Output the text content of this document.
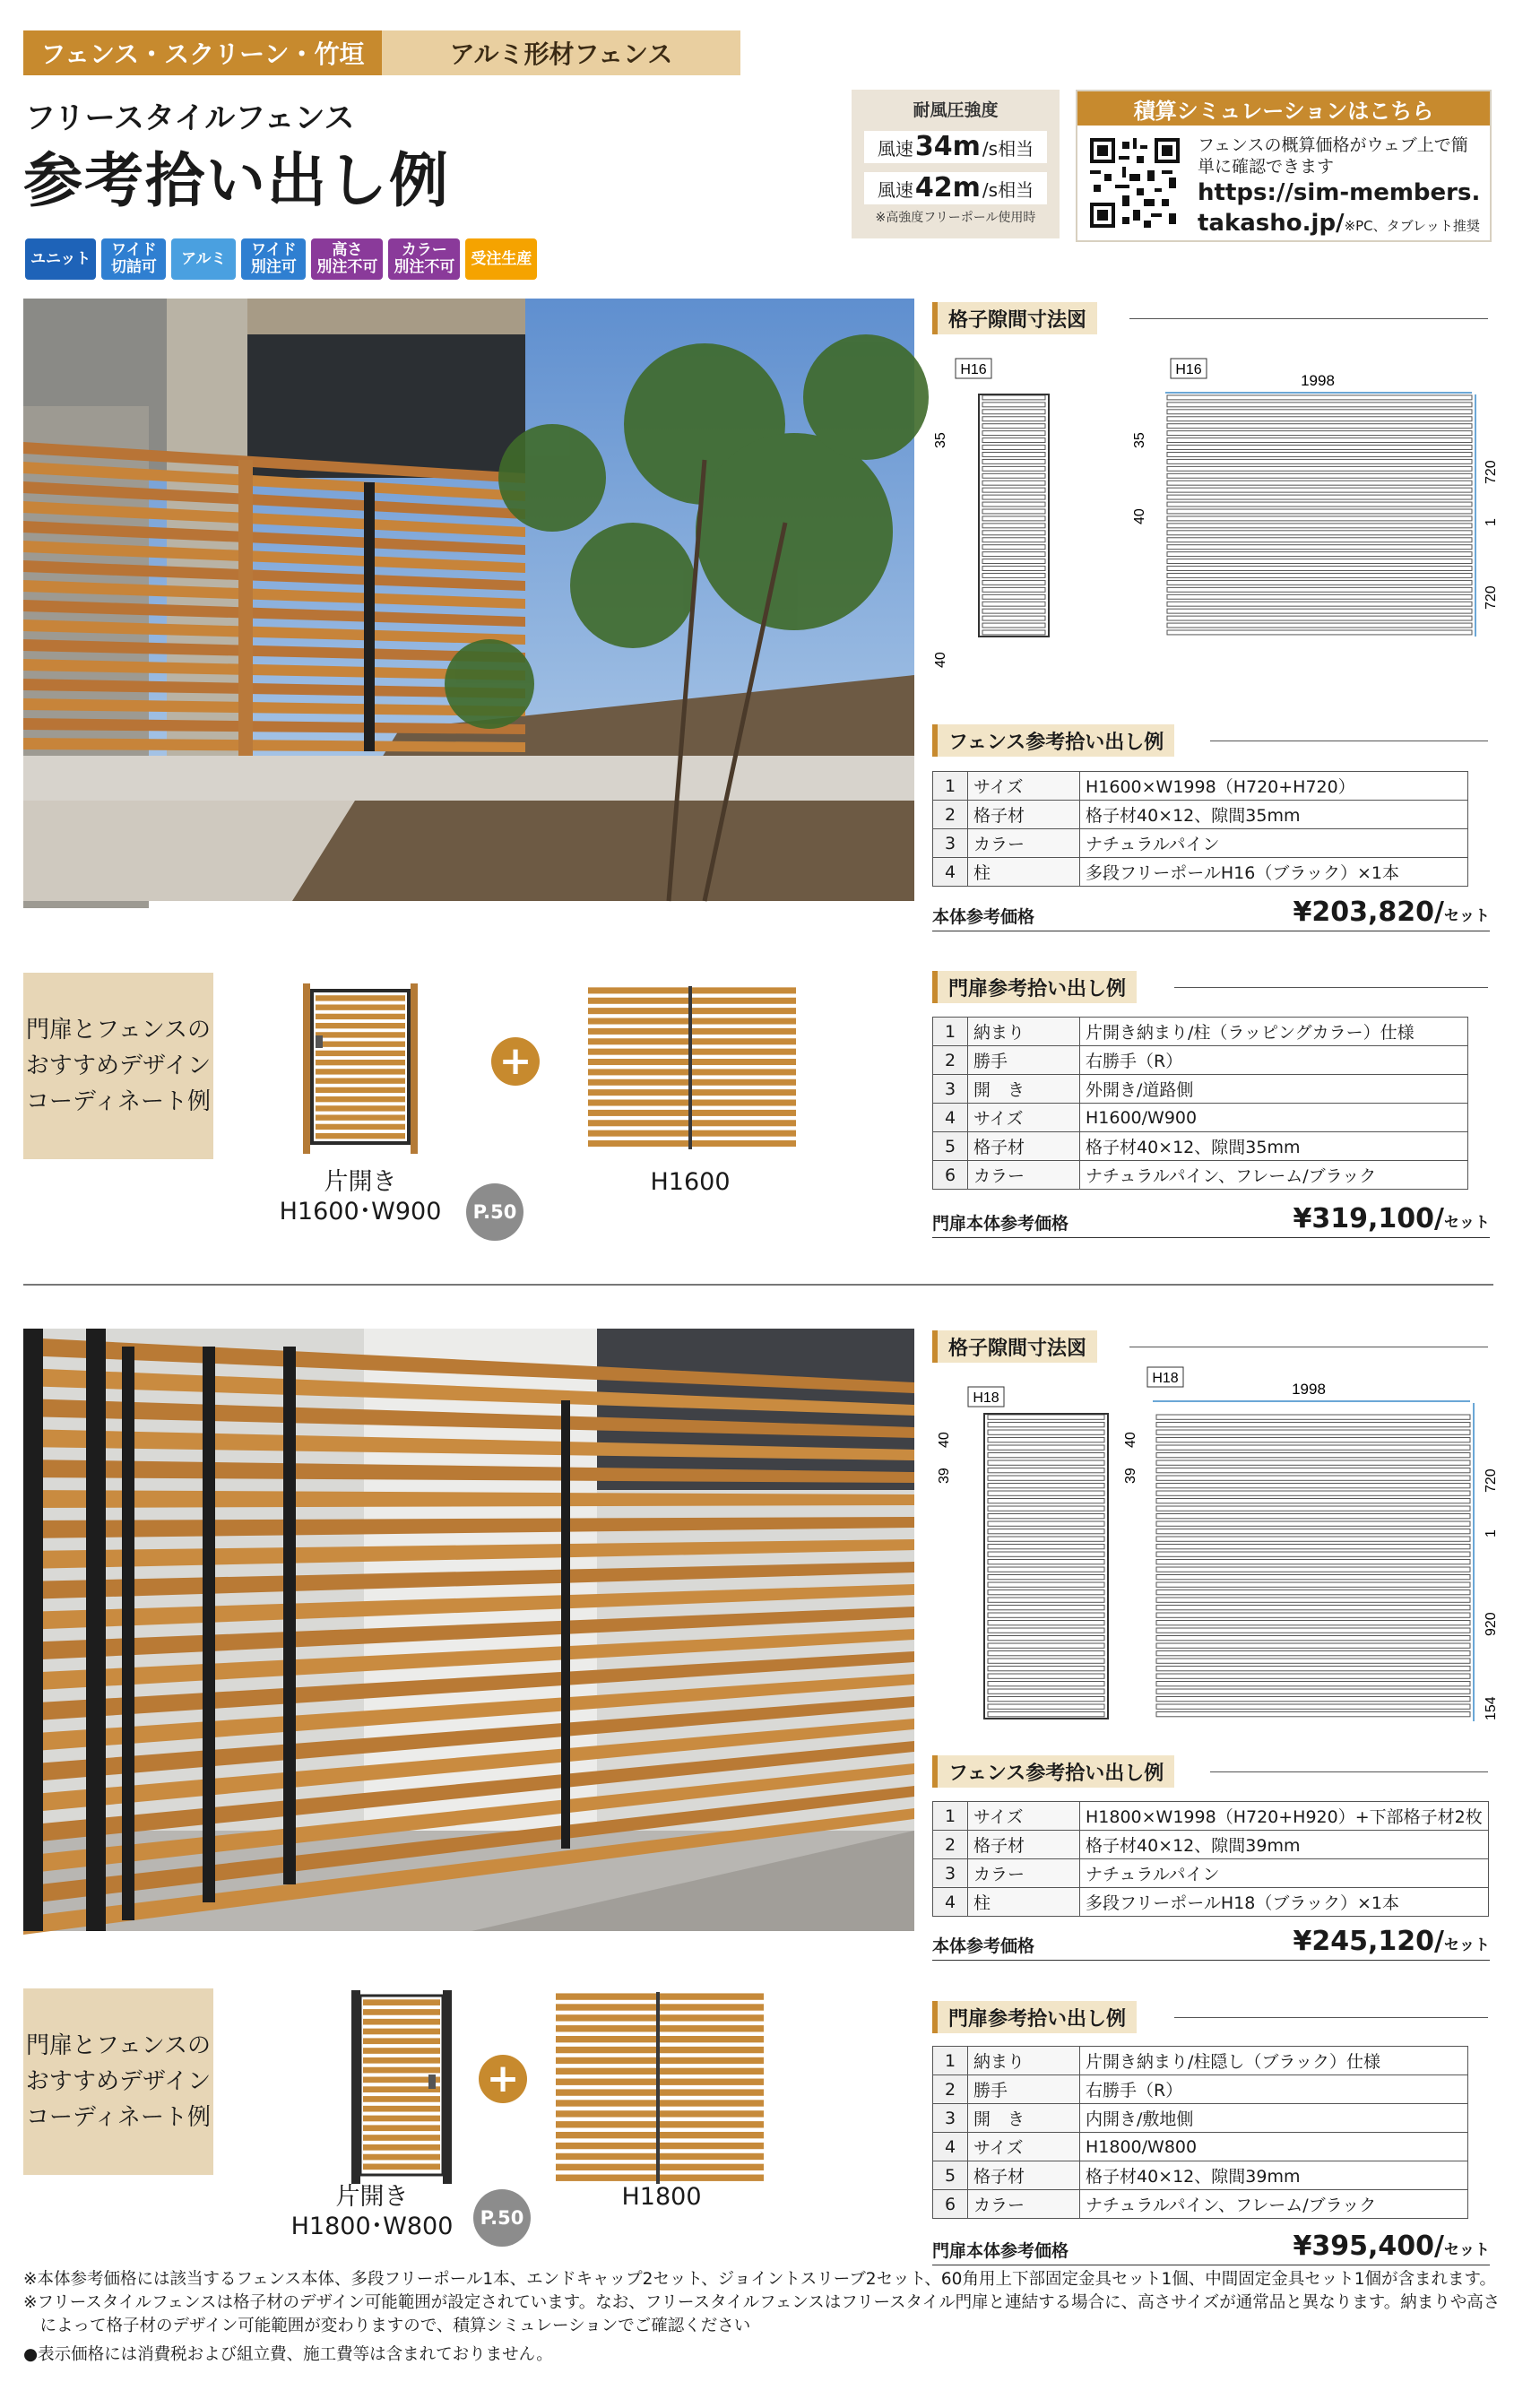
フェンス・スクリーン・竹垣	アルミ形材フェンス
フリースタイルフェンス
参考拾い出し例
ユニット ワイド
切詰可 アルミ ワイド
別注可
高さ
別注不可
カラー
別注不可 受注生産
耐風圧強度
風速 34m /s相当
風速 42m /s相当
※高強度フリーポール使用時
積算シミュレーションはこちら
フェンスの概算価格がウェブ上で簡単に確認できます
https://sim-members.
takasho.jp/※PC、タブレット推奨
格子隙間寸法図
H16	H16
1998
35
40
35
40
720
1
720
フェンス参考拾い出し例
1	サイズ	H1600×W1998（H720+H720）
2	格子材	格子材40×12、隙間35mm
3	カラー	ナチュラルパイン
4	柱	多段フリーポールH16（ブラック）×1本
本体参考価格	¥203,820/セット
門扉とフェンスの
おすすめデザイン
コーディネート例
+
片開き
H1600･W900	P.50
H1600
門扉参考拾い出し例
1	納まり	片開き納まり/柱（ラッピングカラー）仕様
2	勝手	右勝手（R）
3	開　き	外開き/道路側
4	サイズ	H1600/W900
5	格子材	格子材40×12、隙間35mm
6	カラー	ナチュラルパイン、フレーム/ブラック
門扉本体参考価格	¥319,100/セット
格子隙間寸法図
H18
H18
1998
40
39
40
39	720
1
920
154
フェンス参考拾い出し例
1	サイズ	H1800×W1998（H720+H920）+下部格子材2枚
2	格子材	格子材40×12、隙間39mm
3	カラー	ナチュラルパイン
4	柱	多段フリーポールH18（ブラック）×1本
本体参考価格	¥245,120/セット
門扉とフェンスの
おすすめデザイン
コーディネート例
+
片開き
H1800･W800	P.50
H1800
門扉参考拾い出し例
1	納まり	片開き納まり/柱隠し（ブラック）仕様
2	勝手	右勝手（R）
3	開　き	内開き/敷地側
4	サイズ	H1800/W800
5	格子材	格子材40×12、隙間39mm
6	カラー	ナチュラルパイン、フレーム/ブラック
門扉本体参考価格	¥395,400/セット
※本体参考価格には該当するフェンス本体、多段フリーポール1本、エンドキャップ2セット、ジョイントスリーブ2セット、60角用上下部固定金具セット1個、中間固定金具セット1個が含まれます。
※フリースタイルフェンスは格子材のデザイン可能範囲が設定されています。なお、フリースタイルフェンスはフリースタイル門扉と連結する場合に、高さサイズが通常品と異なります。納まりや高さ
　によって格子材のデザイン可能範囲が変わりますので、積算シミュレーションでご確認ください
●表示価格には消費税および組立費、施工費等は含まれておりません。
